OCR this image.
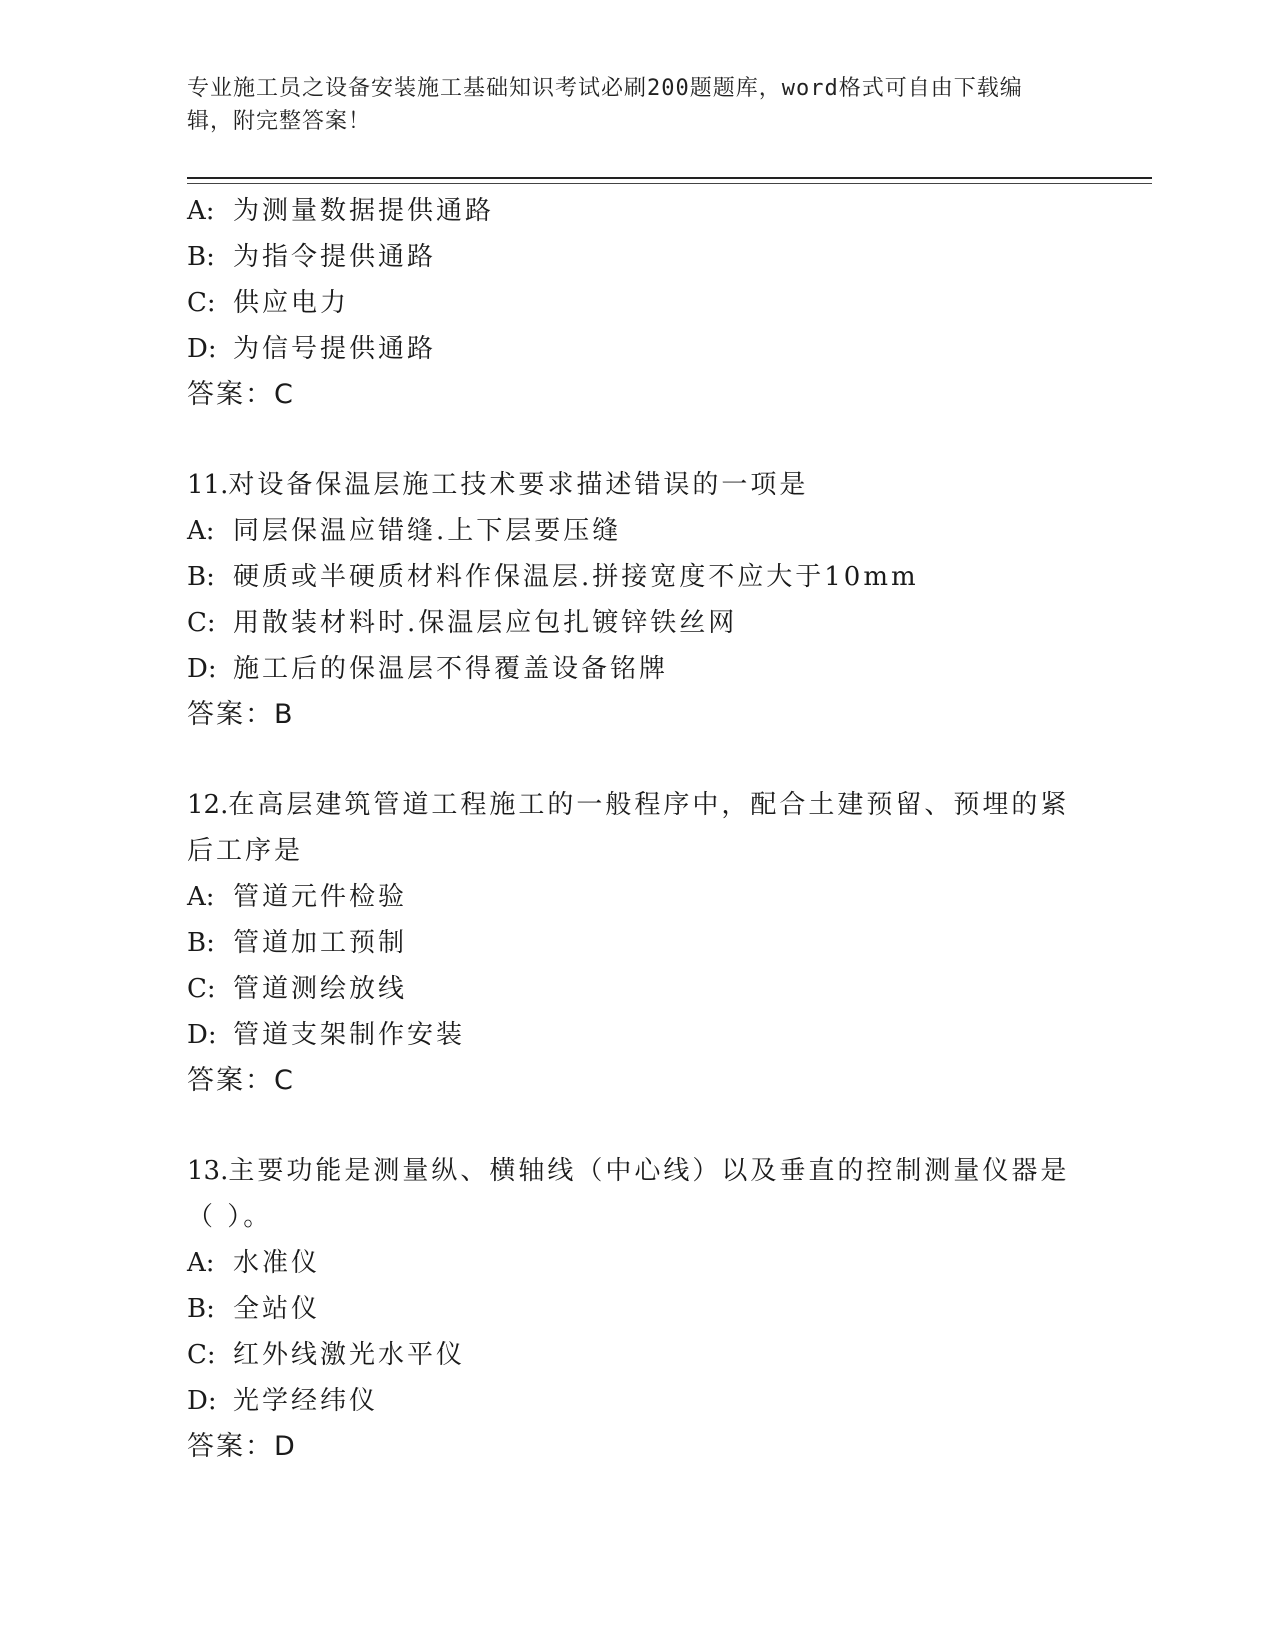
专业施工员之设备安装施工基础知识考试必刷200题题库，word格式可自由下载编辑，附完整答案！
A: 为测量数据提供通路
B: 为指令提供通路
C: 供应电力
D: 为信号提供通路
答案：C
11.对设备保温层施工技术要求描述错误的一项是
A: 同层保温应错缝.上下层要压缝
B: 硬质或半硬质材料作保温层.拼接宽度不应大于10mm
C: 用散装材料时.保温层应包扎镀锌铁丝网
D: 施工后的保温层不得覆盖设备铭牌
答案：B
12.在高层建筑管道工程施工的一般程序中，配合土建预留、预埋的紧后工序是
A: 管道元件检验
B: 管道加工预制
C: 管道测绘放线
D: 管道支架制作安装
答案：C
13.主要功能是测量纵、横轴线（中心线）以及垂直的控制测量仪器是（ ）。
A: 水准仪
B: 全站仪
C: 红外线激光水平仪
D: 光学经纬仪
答案：D
